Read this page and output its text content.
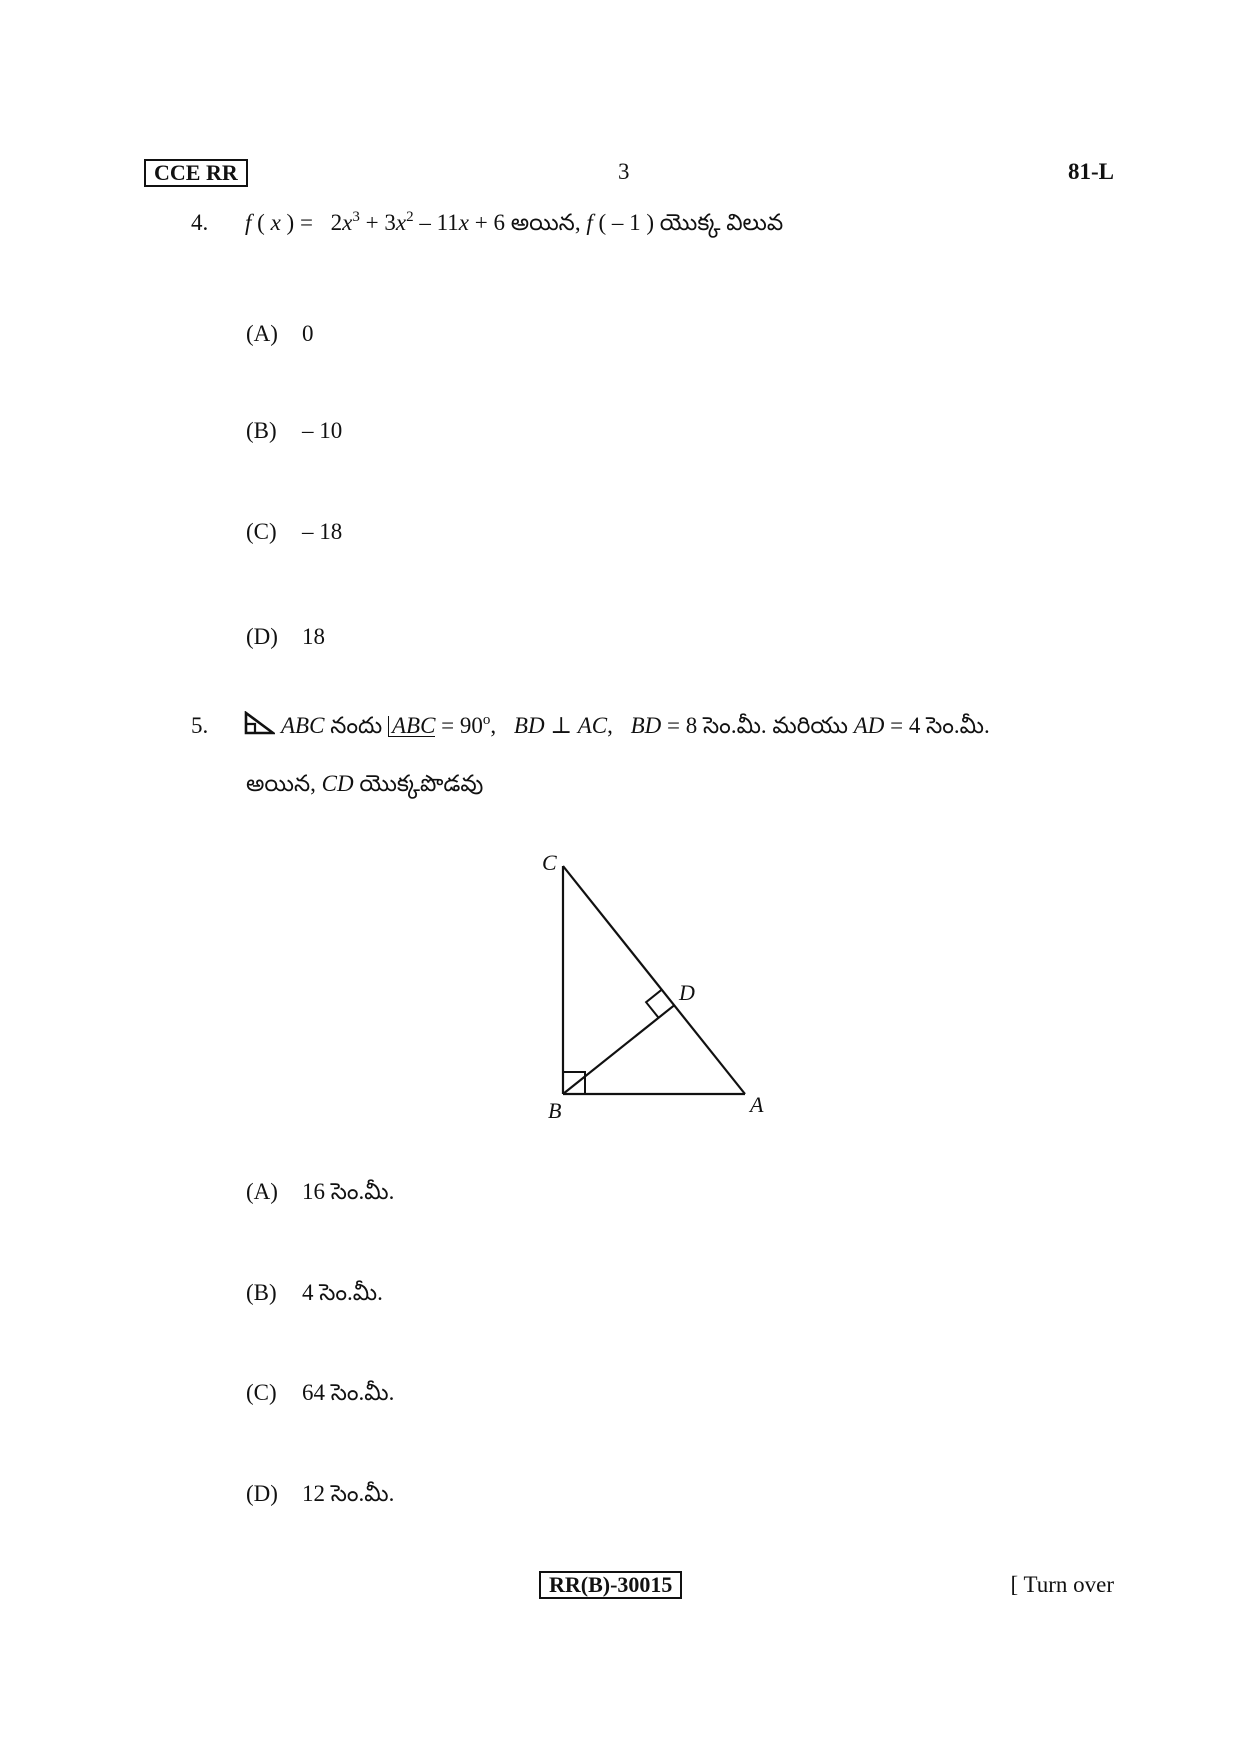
CCE RR	3	81-L
4. f ( x ) = $2x^3 + 3x^2 - 11x + 6$ అయిన, f ( – 1 ) యొక్క విలువ
(A)	0
(B)	– 10
(C)	– 18
(D)	18
5.	ABC నందు ABC = $90^o$, BD ⊥ AC, BD = 8 సెం.మీ. మరియు AD = 4 సెం.మీ.
అయిన, CD యొక్కపొడవు
C
D
B	A
(A)	16 సెం.మీ.
(B)	4 సెం.మీ.
(C)	64 సెం.మీ.
(D)	12 సెం.మీ.
RR(B)-30015	[ Turn over
